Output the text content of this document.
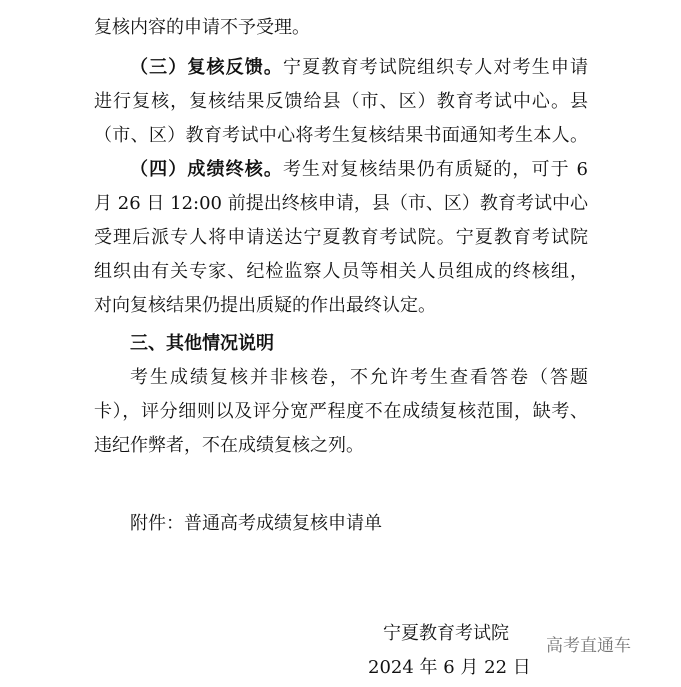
复核内容的申请不予受理。
（三）复核反馈。宁夏教育考试院组织专人对考生申请
进行复核，复核结果反馈给县（市、区）教育考试中心。县
（市、区）教育考试中心将考生复核结果书面通知考生本人。
（四）成绩终核。考生对复核结果仍有质疑的，可于 6
月 26 日 12:00 前提出终核申请，县（市、区）教育考试中心
受理后派专人将申请送达宁夏教育考试院。宁夏教育考试院
组织由有关专家、纪检监察人员等相关人员组成的终核组，
对向复核结果仍提出质疑的作出最终认定。
三、其他情况说明
考生成绩复核并非核卷，不允许考生查看答卷（答题
卡），评分细则以及评分宽严程度不在成绩复核范围，缺考、
违纪作弊者，不在成绩复核之列。
附件：普通高考成绩复核申请单
宁夏教育考试院
2024 年 6 月 22 日
高考直通车
